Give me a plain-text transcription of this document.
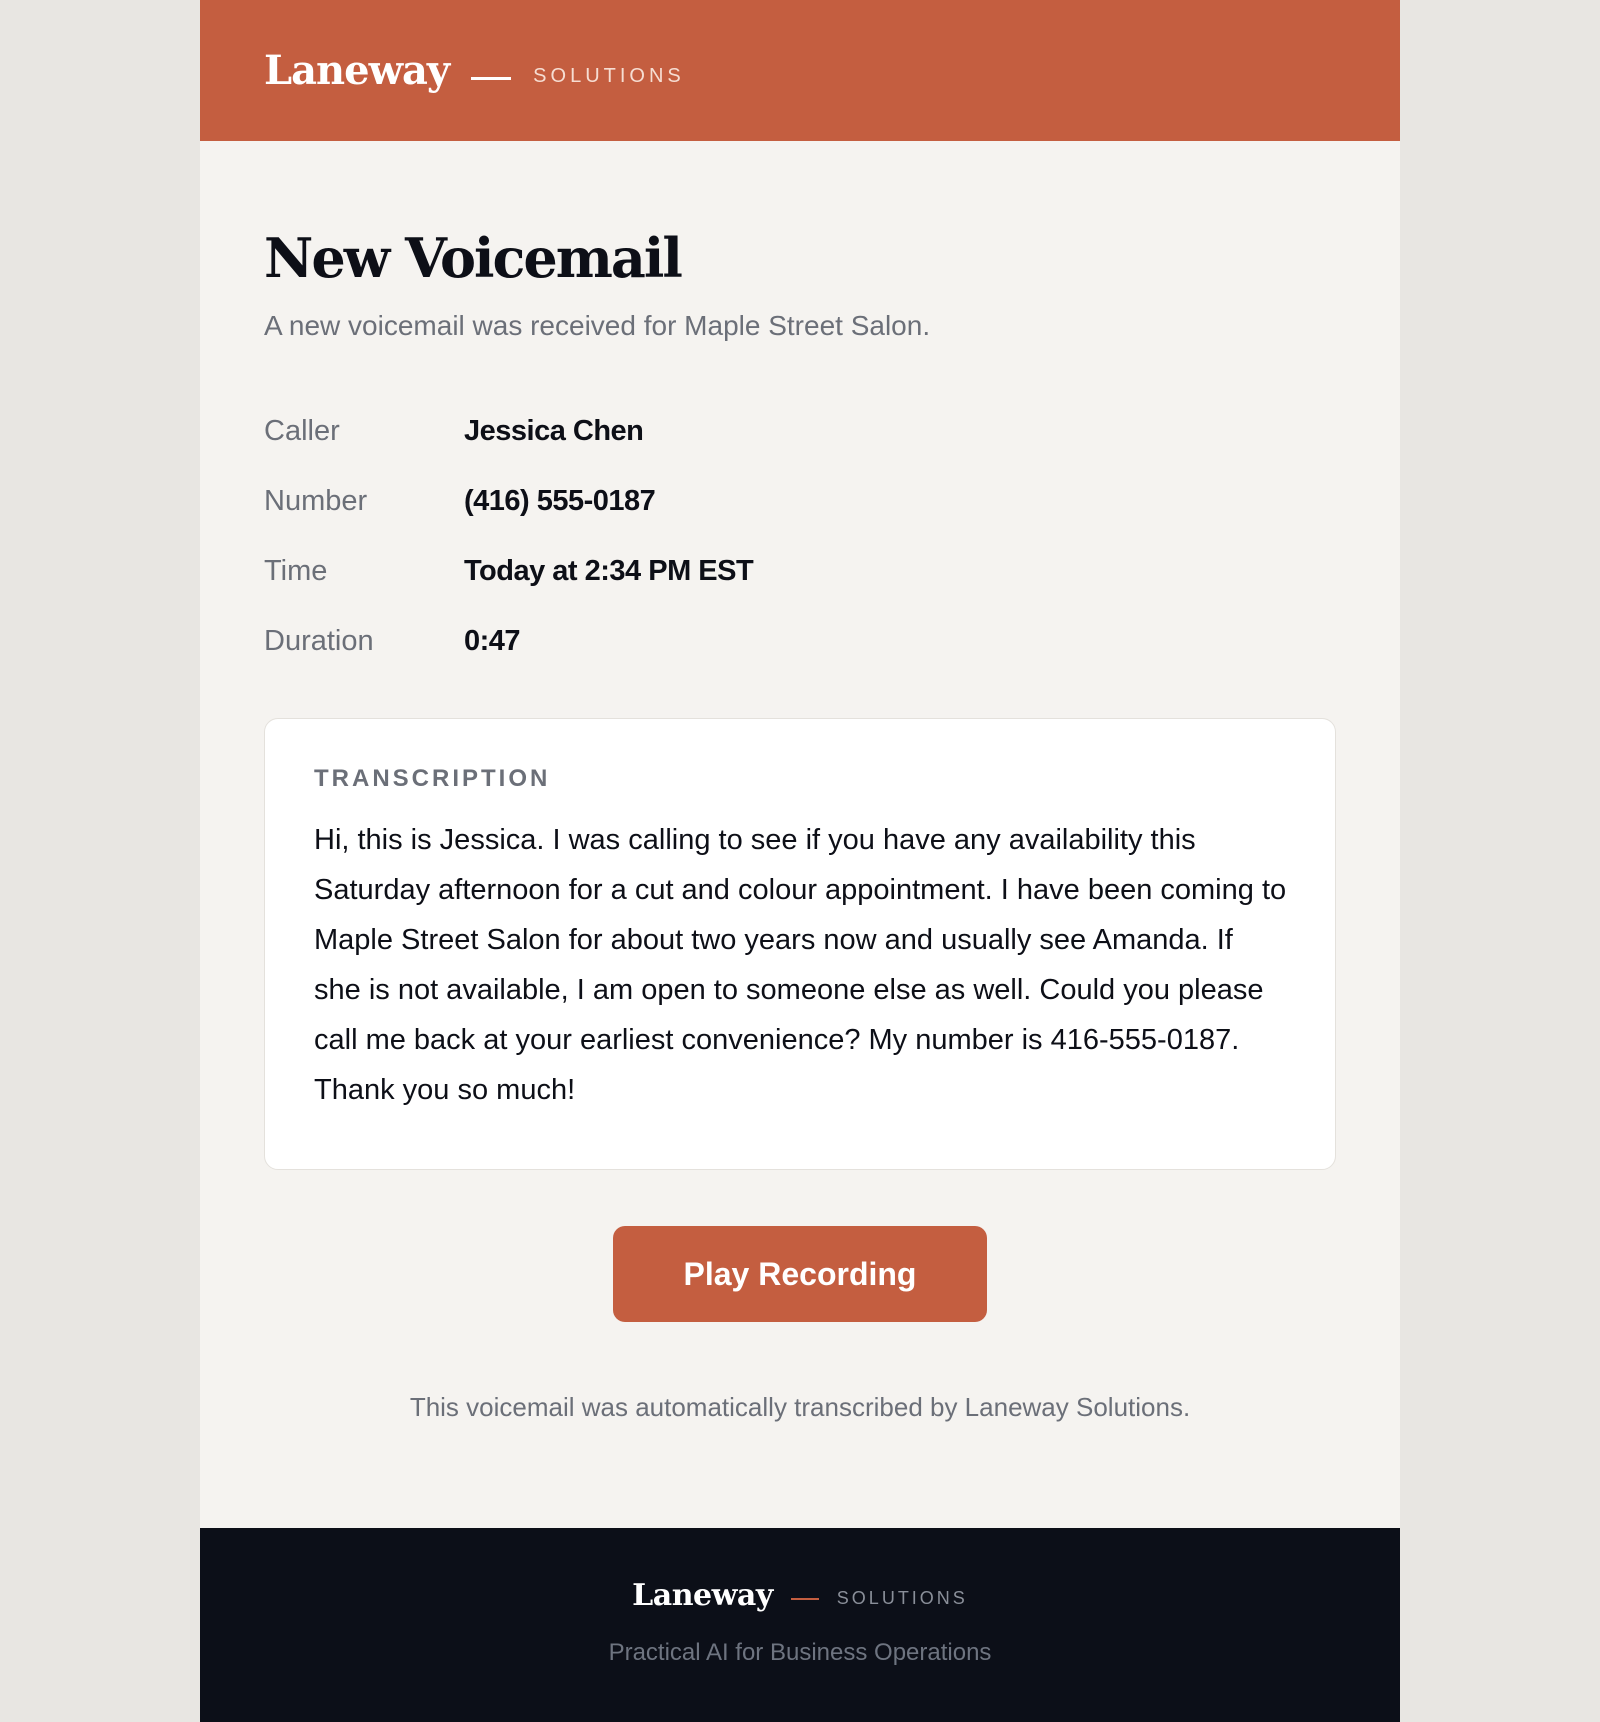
Laneway	SOLUTIONS
New Voicemail
A new voicemail was received for Maple Street Salon.
Caller	Jessica Chen
Number	(416) 555-0187
Time	Today at 2:34 PM EST
Duration	0:47
TRANSCRIPTION
Hi, this is Jessica. I was calling to see if you have any availability this Saturday afternoon for a cut and colour appointment. I have been coming to Maple Street Salon for about two years now and usually see Amanda. If she is not available, I am open to someone else as well. Could you please call me back at your earliest convenience? My number is 416-555-0187. Thank you so much!
Play Recording
This voicemail was automatically transcribed by Laneway Solutions.
Laneway	SOLUTIONS
Practical AI for Business Operations
